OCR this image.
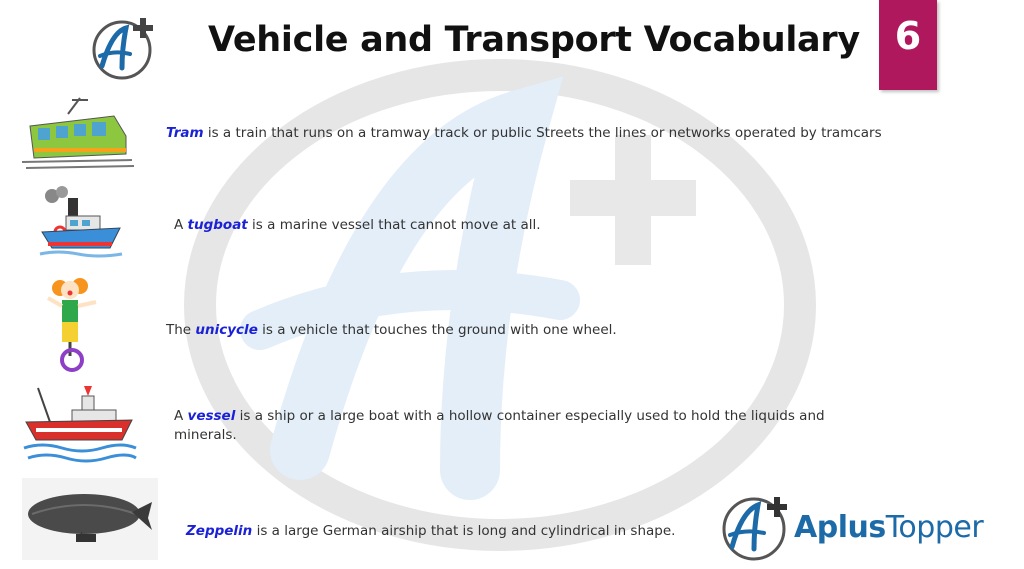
Vehicle and Transport Vocabulary 6
Tram is a train that runs on a tramway track or public Streets the lines or networks operated by tramcars
A tugboat is a marine vessel that cannot move at all.
The unicycle is a vehicle that touches the ground with one wheel.
A vessel is a ship or a large boat with a hollow container especially used to hold the liquids and minerals.
Zeppelin is a large German airship that is long and cylindrical in shape.	AplusTopper
